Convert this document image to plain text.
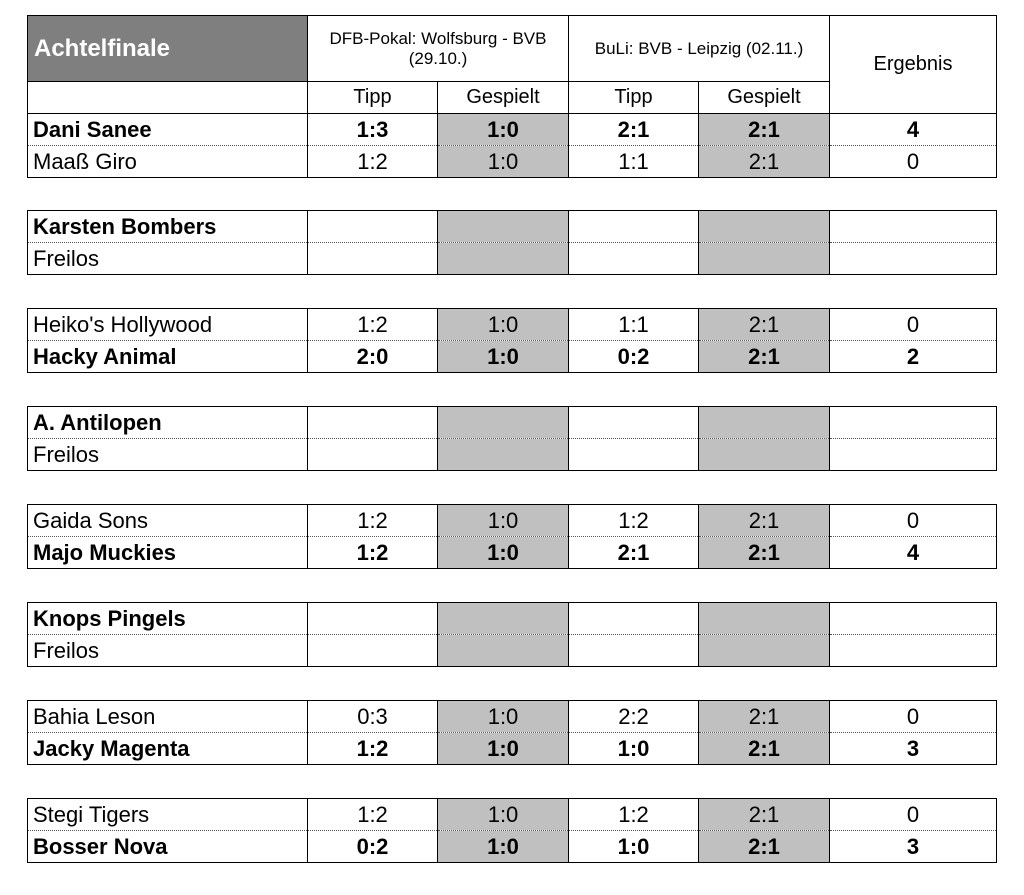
Achtelfinale	DFB-Pokal: Wolfsburg - BVB (29.10.)		BuLi: BVB - Leipzig (02.11.)		Ergebnis
	Tipp	Gespielt	Tipp	Gespielt	
Dani Sanee	1:3	1:0	2:1	2:1	4
Maaß Giro	1:2	1:0	1:1	2:1	0
Karsten Bombers					
Freilos					
Heiko's Hollywood	1:2	1:0	1:1	2:1	0
Hacky Animal	2:0	1:0	0:2	2:1	2
A. Antilopen					
Freilos					
Gaida Sons	1:2	1:0	1:2	2:1	0
Majo Muckies	1:2	1:0	2:1	2:1	4
Knops Pingels					
Freilos					
Bahia Leson	0:3	1:0	2:2	2:1	0
Jacky Magenta	1:2	1:0	1:0	2:1	3
Stegi Tigers	1:2	1:0	1:2	2:1	0
Bosser Nova	0:2	1:0	1:0	2:1	3
